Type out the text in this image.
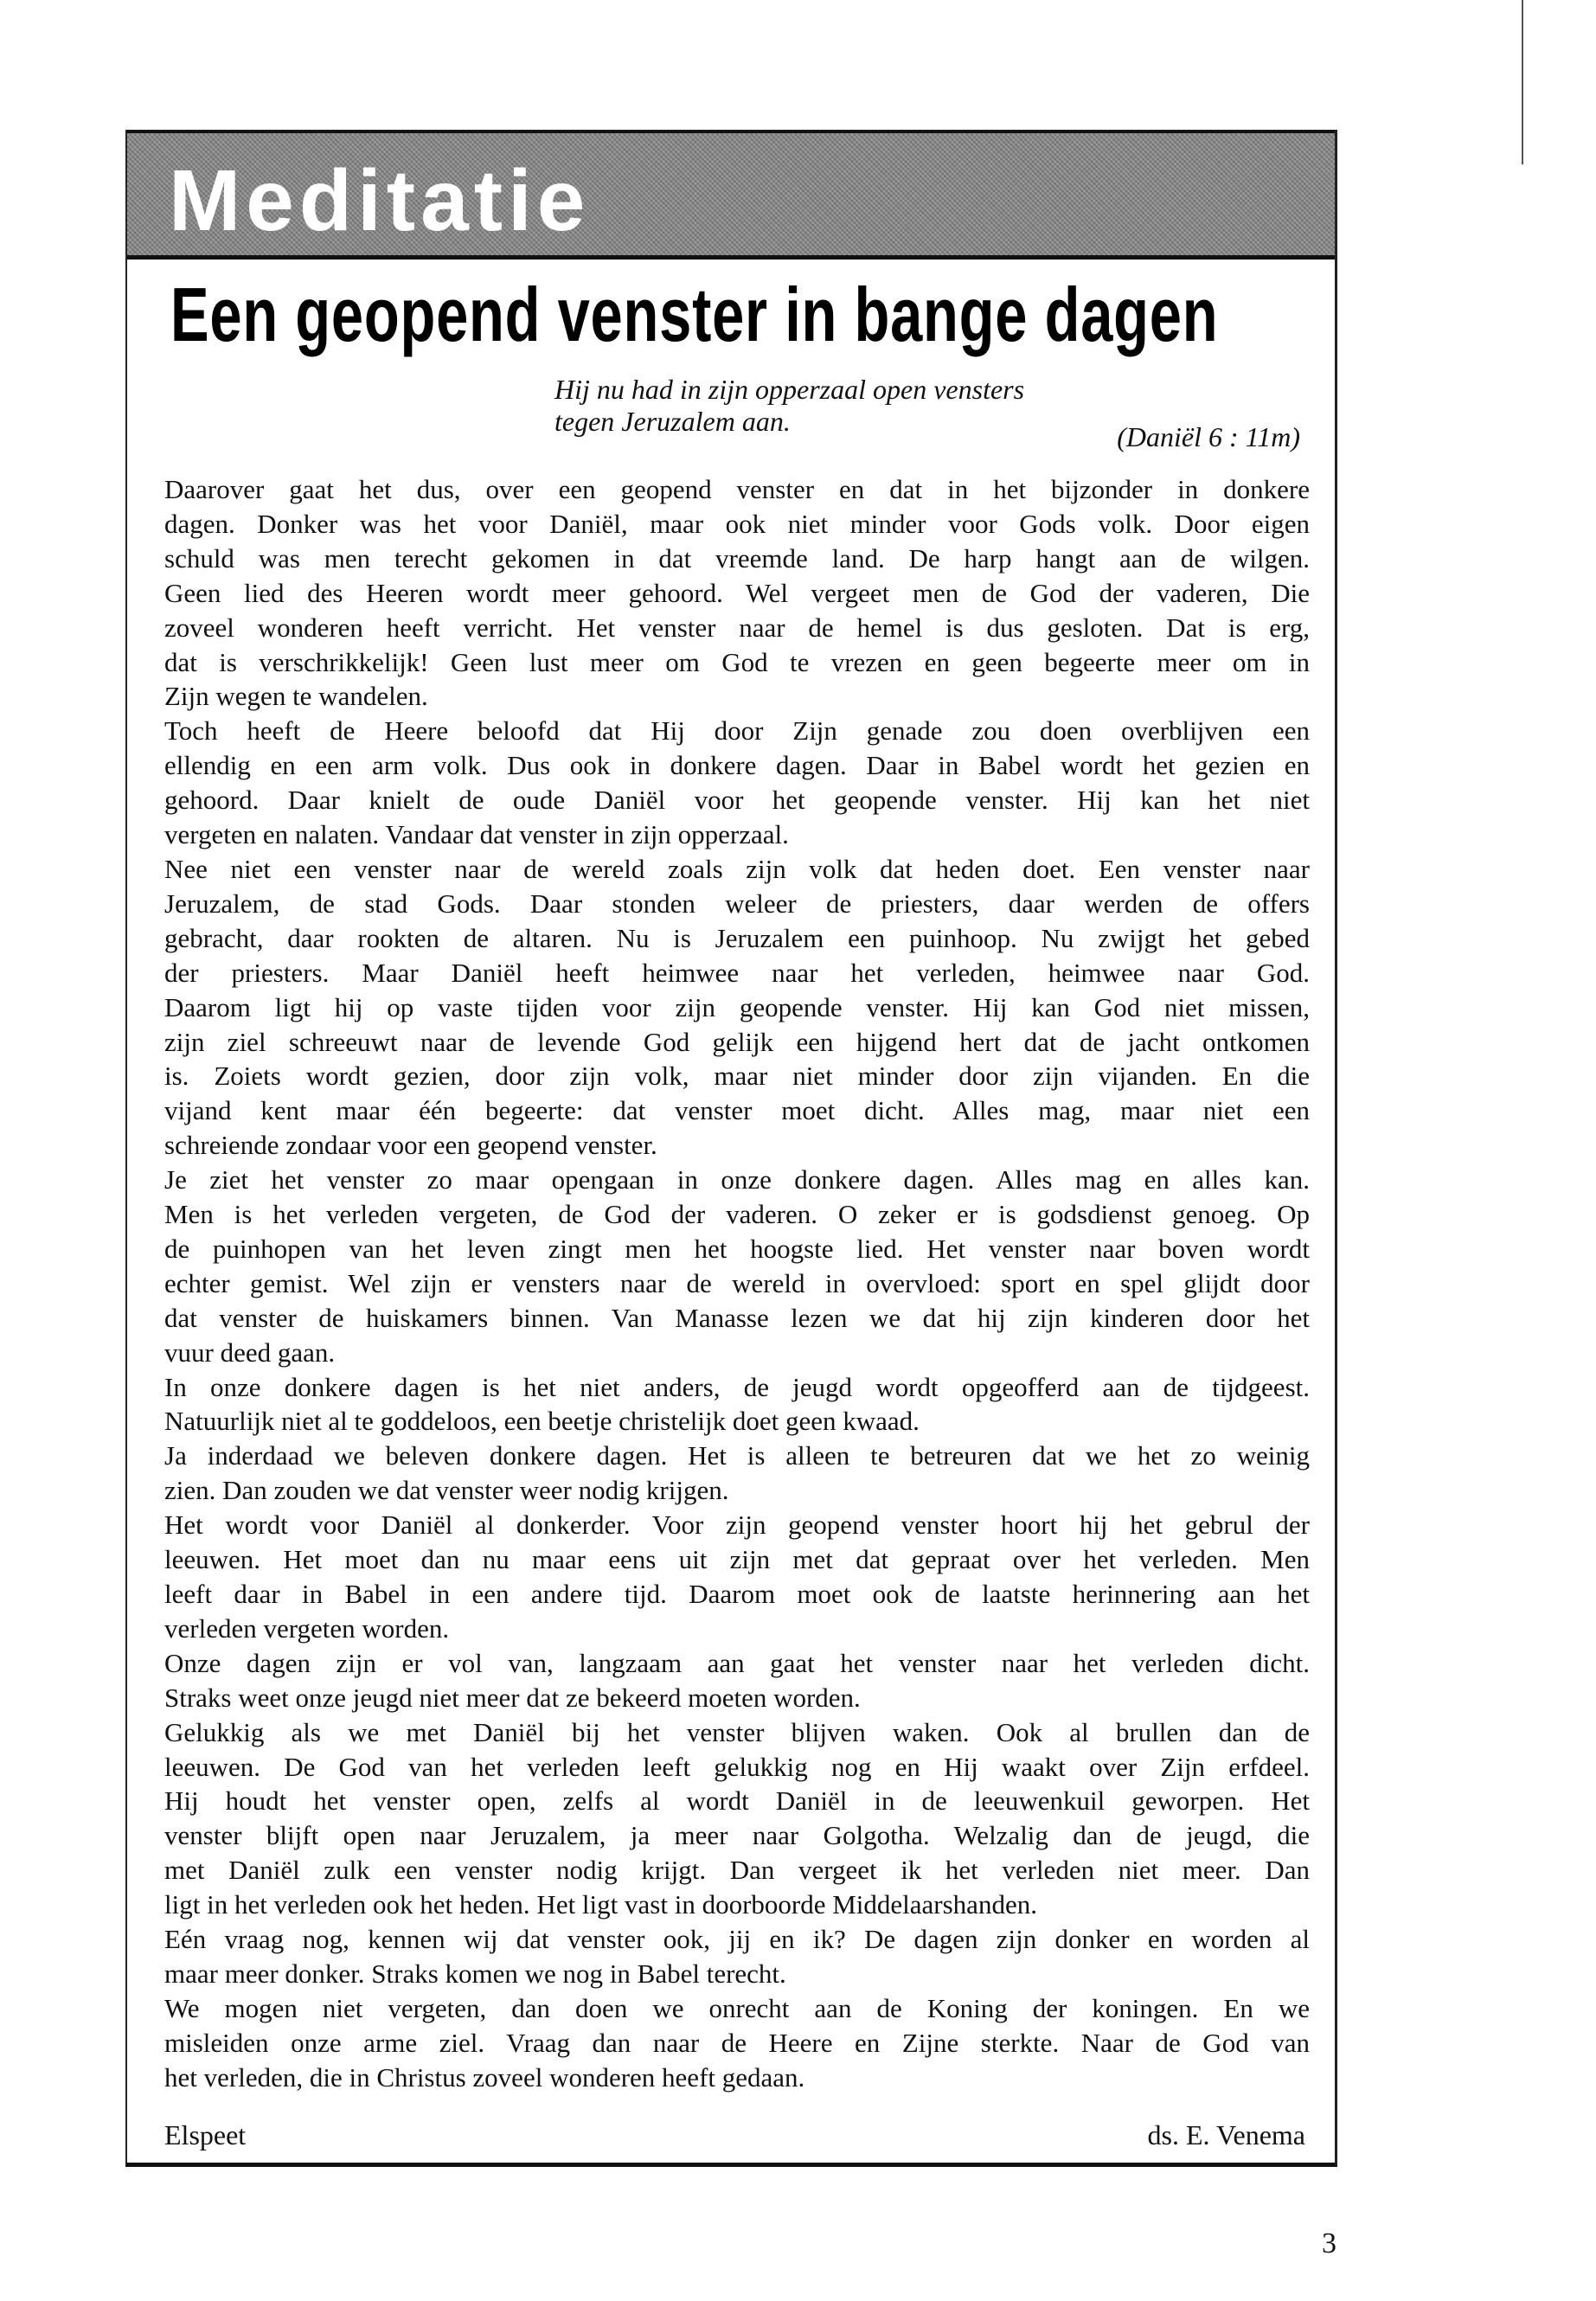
Meditatie
Een geopend venster in bange dagen
Hij nu had in zijn opperzaal open vensters
tegen Jeruzalem aan.	(Daniël 6 : 11m)
Daarover gaat het dus, over een geopend venster en dat in het bijzonder in donkere
dagen. Donker was het voor Daniël, maar ook niet minder voor Gods volk. Door eigen
schuld was men terecht gekomen in dat vreemde land. De harp hangt aan de wilgen.
Geen lied des Heeren wordt meer gehoord. Wel vergeet men de God der vaderen, Die
zoveel wonderen heeft verricht. Het venster naar de hemel is dus gesloten. Dat is erg,
dat is verschrikkelijk! Geen lust meer om God te vrezen en geen begeerte meer om in
Zijn wegen te wandelen.
Toch heeft de Heere beloofd dat Hij door Zijn genade zou doen overblijven een
ellendig en een arm volk. Dus ook in donkere dagen. Daar in Babel wordt het gezien en
gehoord. Daar knielt de oude Daniël voor het geopende venster. Hij kan het niet
vergeten en nalaten. Vandaar dat venster in zijn opperzaal.
Nee niet een venster naar de wereld zoals zijn volk dat heden doet. Een venster naar
Jeruzalem, de stad Gods. Daar stonden weleer de priesters, daar werden de offers
gebracht, daar rookten de altaren. Nu is Jeruzalem een puinhoop. Nu zwijgt het gebed
der priesters. Maar Daniël heeft heimwee naar het verleden, heimwee naar God.
Daarom ligt hij op vaste tijden voor zijn geopende venster. Hij kan God niet missen,
zijn ziel schreeuwt naar de levende God gelijk een hijgend hert dat de jacht ontkomen
is. Zoiets wordt gezien, door zijn volk, maar niet minder door zijn vijanden. En die
vijand kent maar één begeerte: dat venster moet dicht. Alles mag, maar niet een
schreiende zondaar voor een geopend venster.
Je ziet het venster zo maar opengaan in onze donkere dagen. Alles mag en alles kan.
Men is het verleden vergeten, de God der vaderen. O zeker er is godsdienst genoeg. Op
de puinhopen van het leven zingt men het hoogste lied. Het venster naar boven wordt
echter gemist. Wel zijn er vensters naar de wereld in overvloed: sport en spel glijdt door
dat venster de huiskamers binnen. Van Manasse lezen we dat hij zijn kinderen door het
vuur deed gaan.
In onze donkere dagen is het niet anders, de jeugd wordt opgeofferd aan de tijdgeest.
Natuurlijk niet al te goddeloos, een beetje christelijk doet geen kwaad.
Ja inderdaad we beleven donkere dagen. Het is alleen te betreuren dat we het zo weinig
zien. Dan zouden we dat venster weer nodig krijgen.
Het wordt voor Daniël al donkerder. Voor zijn geopend venster hoort hij het gebrul der
leeuwen. Het moet dan nu maar eens uit zijn met dat gepraat over het verleden. Men
leeft daar in Babel in een andere tijd. Daarom moet ook de laatste herinnering aan het
verleden vergeten worden.
Onze dagen zijn er vol van, langzaam aan gaat het venster naar het verleden dicht.
Straks weet onze jeugd niet meer dat ze bekeerd moeten worden.
Gelukkig als we met Daniël bij het venster blijven waken. Ook al brullen dan de
leeuwen. De God van het verleden leeft gelukkig nog en Hij waakt over Zijn erfdeel.
Hij houdt het venster open, zelfs al wordt Daniël in de leeuwenkuil geworpen. Het
venster blijft open naar Jeruzalem, ja meer naar Golgotha. Welzalig dan de jeugd, die
met Daniël zulk een venster nodig krijgt. Dan vergeet ik het verleden niet meer. Dan
ligt in het verleden ook het heden. Het ligt vast in doorboorde Middelaarshanden.
Eén vraag nog, kennen wij dat venster ook, jij en ik? De dagen zijn donker en worden al
maar meer donker. Straks komen we nog in Babel terecht.
We mogen niet vergeten, dan doen we onrecht aan de Koning der koningen. En we
misleiden onze arme ziel. Vraag dan naar de Heere en Zijne sterkte. Naar de God van
het verleden, die in Christus zoveel wonderen heeft gedaan.
Elspeet	ds. E. Venema
3
